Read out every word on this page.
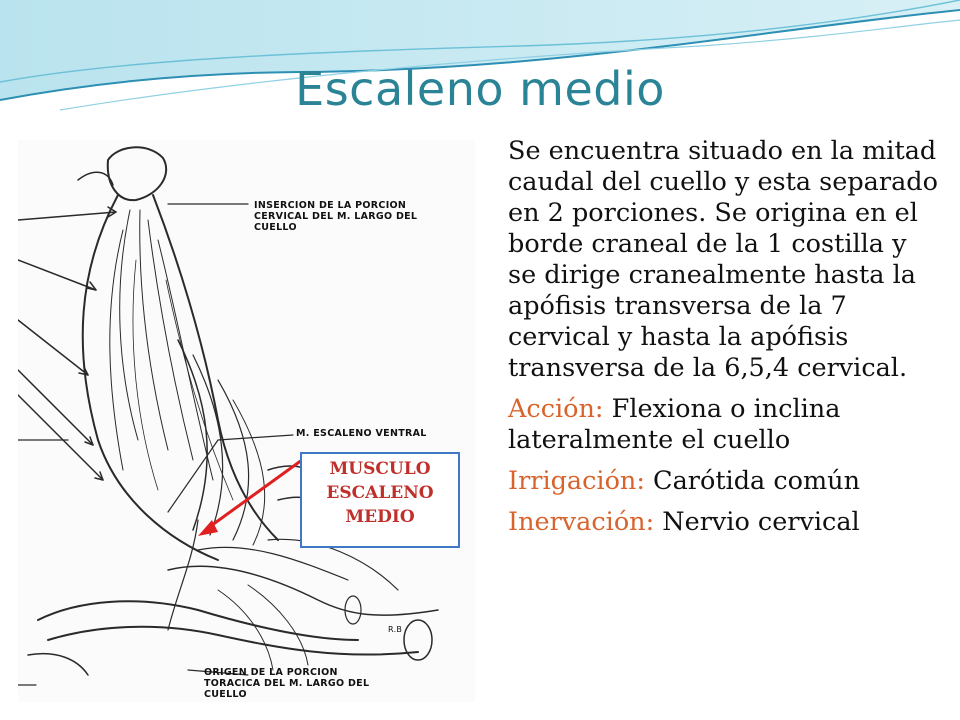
Escaleno medio
INSERCION DE LA PORCION CERVICAL DEL M. LARGO DEL CUELLO
M. ESCALENO VENTRAL
ORIGEN DE LA PORCION TORACICA DEL M. LARGO DEL CUELLO
R.B
MUSCULO ESCALENO MEDIO

Se encuentra situado en la mitad caudal del cuello y esta separado en 2 porciones. Se origina en el borde craneal de la 1 costilla y se dirige cranealmente hasta la apófisis transversa de la 7 cervical y hasta la apófisis transversa de la 6,5,4 cervical.

Acción: Flexiona o inclina lateralmente el cuello

Irrigación: Carótida común

Inervación: Nervio cervical
